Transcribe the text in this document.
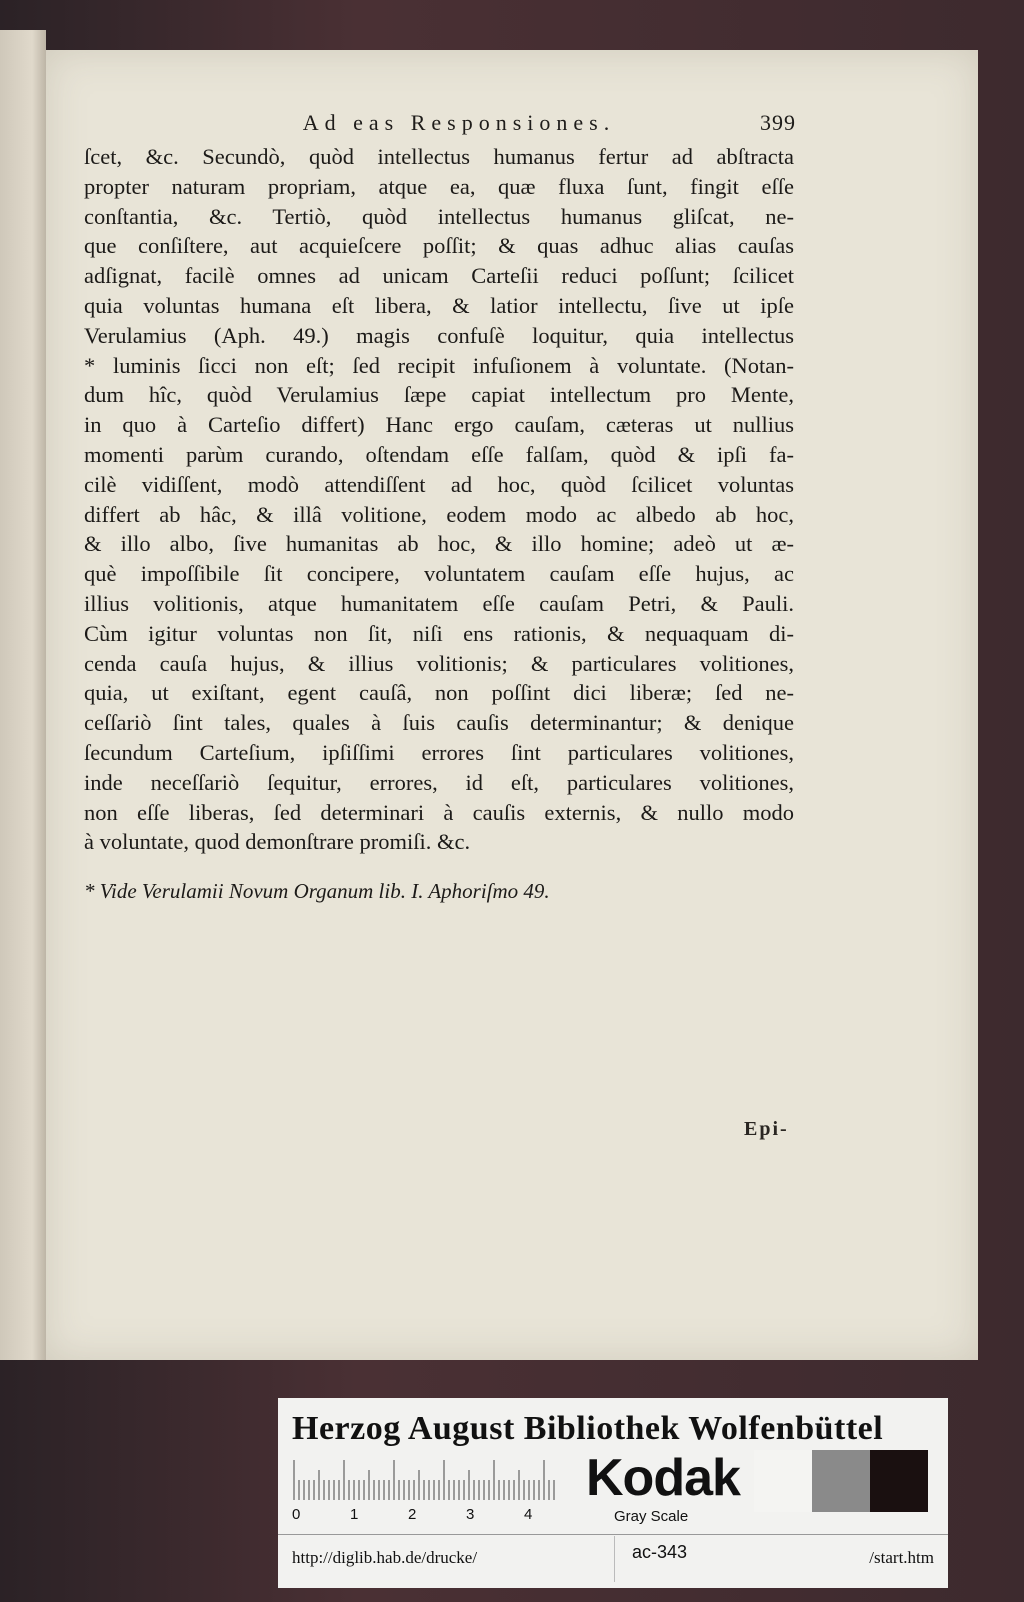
Ad eas Responsiones.	399
ſcet, &c. Secundò, quòd intellectus humanus fertur ad abſtracta
propter naturam propriam, atque ea, quæ fluxa ſunt, fingit eſſe
conſtantia, &c. Tertiò, quòd intellectus humanus gliſcat, ne-
que conſiſtere, aut acquieſcere poſſit; & quas adhuc alias cauſas
adſignat, facilè omnes ad unicam Carteſii reduci poſſunt; ſcilicet
quia voluntas humana eſt libera, & latior intellectu, ſive ut ipſe
Verulamius (Aph. 49.) magis confuſè loquitur, quia intellectus
* luminis ſicci non eſt; ſed recipit infuſionem à voluntate. (Notan-
dum hîc, quòd Verulamius ſæpe capiat intellectum pro Mente,
in quo à Carteſio differt) Hanc ergo cauſam, cæteras ut nullius
momenti parùm curando, oſtendam eſſe falſam, quòd & ipſi fa-
cilè vidiſſent, modò attendiſſent ad hoc, quòd ſcilicet voluntas
differt ab hâc, & illâ volitione, eodem modo ac albedo ab hoc,
& illo albo, ſive humanitas ab hoc, & illo homine; adeò ut æ-
què impoſſibile ſit concipere, voluntatem cauſam eſſe hujus, ac
illius volitionis, atque humanitatem eſſe cauſam Petri, & Pauli.
Cùm igitur voluntas non ſit, niſi ens rationis, & nequaquam di-
cenda cauſa hujus, & illius volitionis; & particulares volitiones,
quia, ut exiſtant, egent cauſâ, non poſſint dici liberæ; ſed ne-
ceſſariò ſint tales, quales à ſuis cauſis determinantur; & denique
ſecundum Carteſium, ipſiſſimi errores ſint particulares volitiones,
inde neceſſariò ſequitur, errores, id eſt, particulares volitiones,
non eſſe liberas, ſed determinari à cauſis externis, & nullo modo
à voluntate, quod demonſtrare promiſi. &c.
* Vide Verulamii Novum Organum lib. I. Aphoriſmo 49.
Epi-
Herzog August Bibliothek Wolfenbüttel
0	1	2	3	4
Kodak
Gray Scale
http://diglib.hab.de/drucke/	ac-343	/start.htm
